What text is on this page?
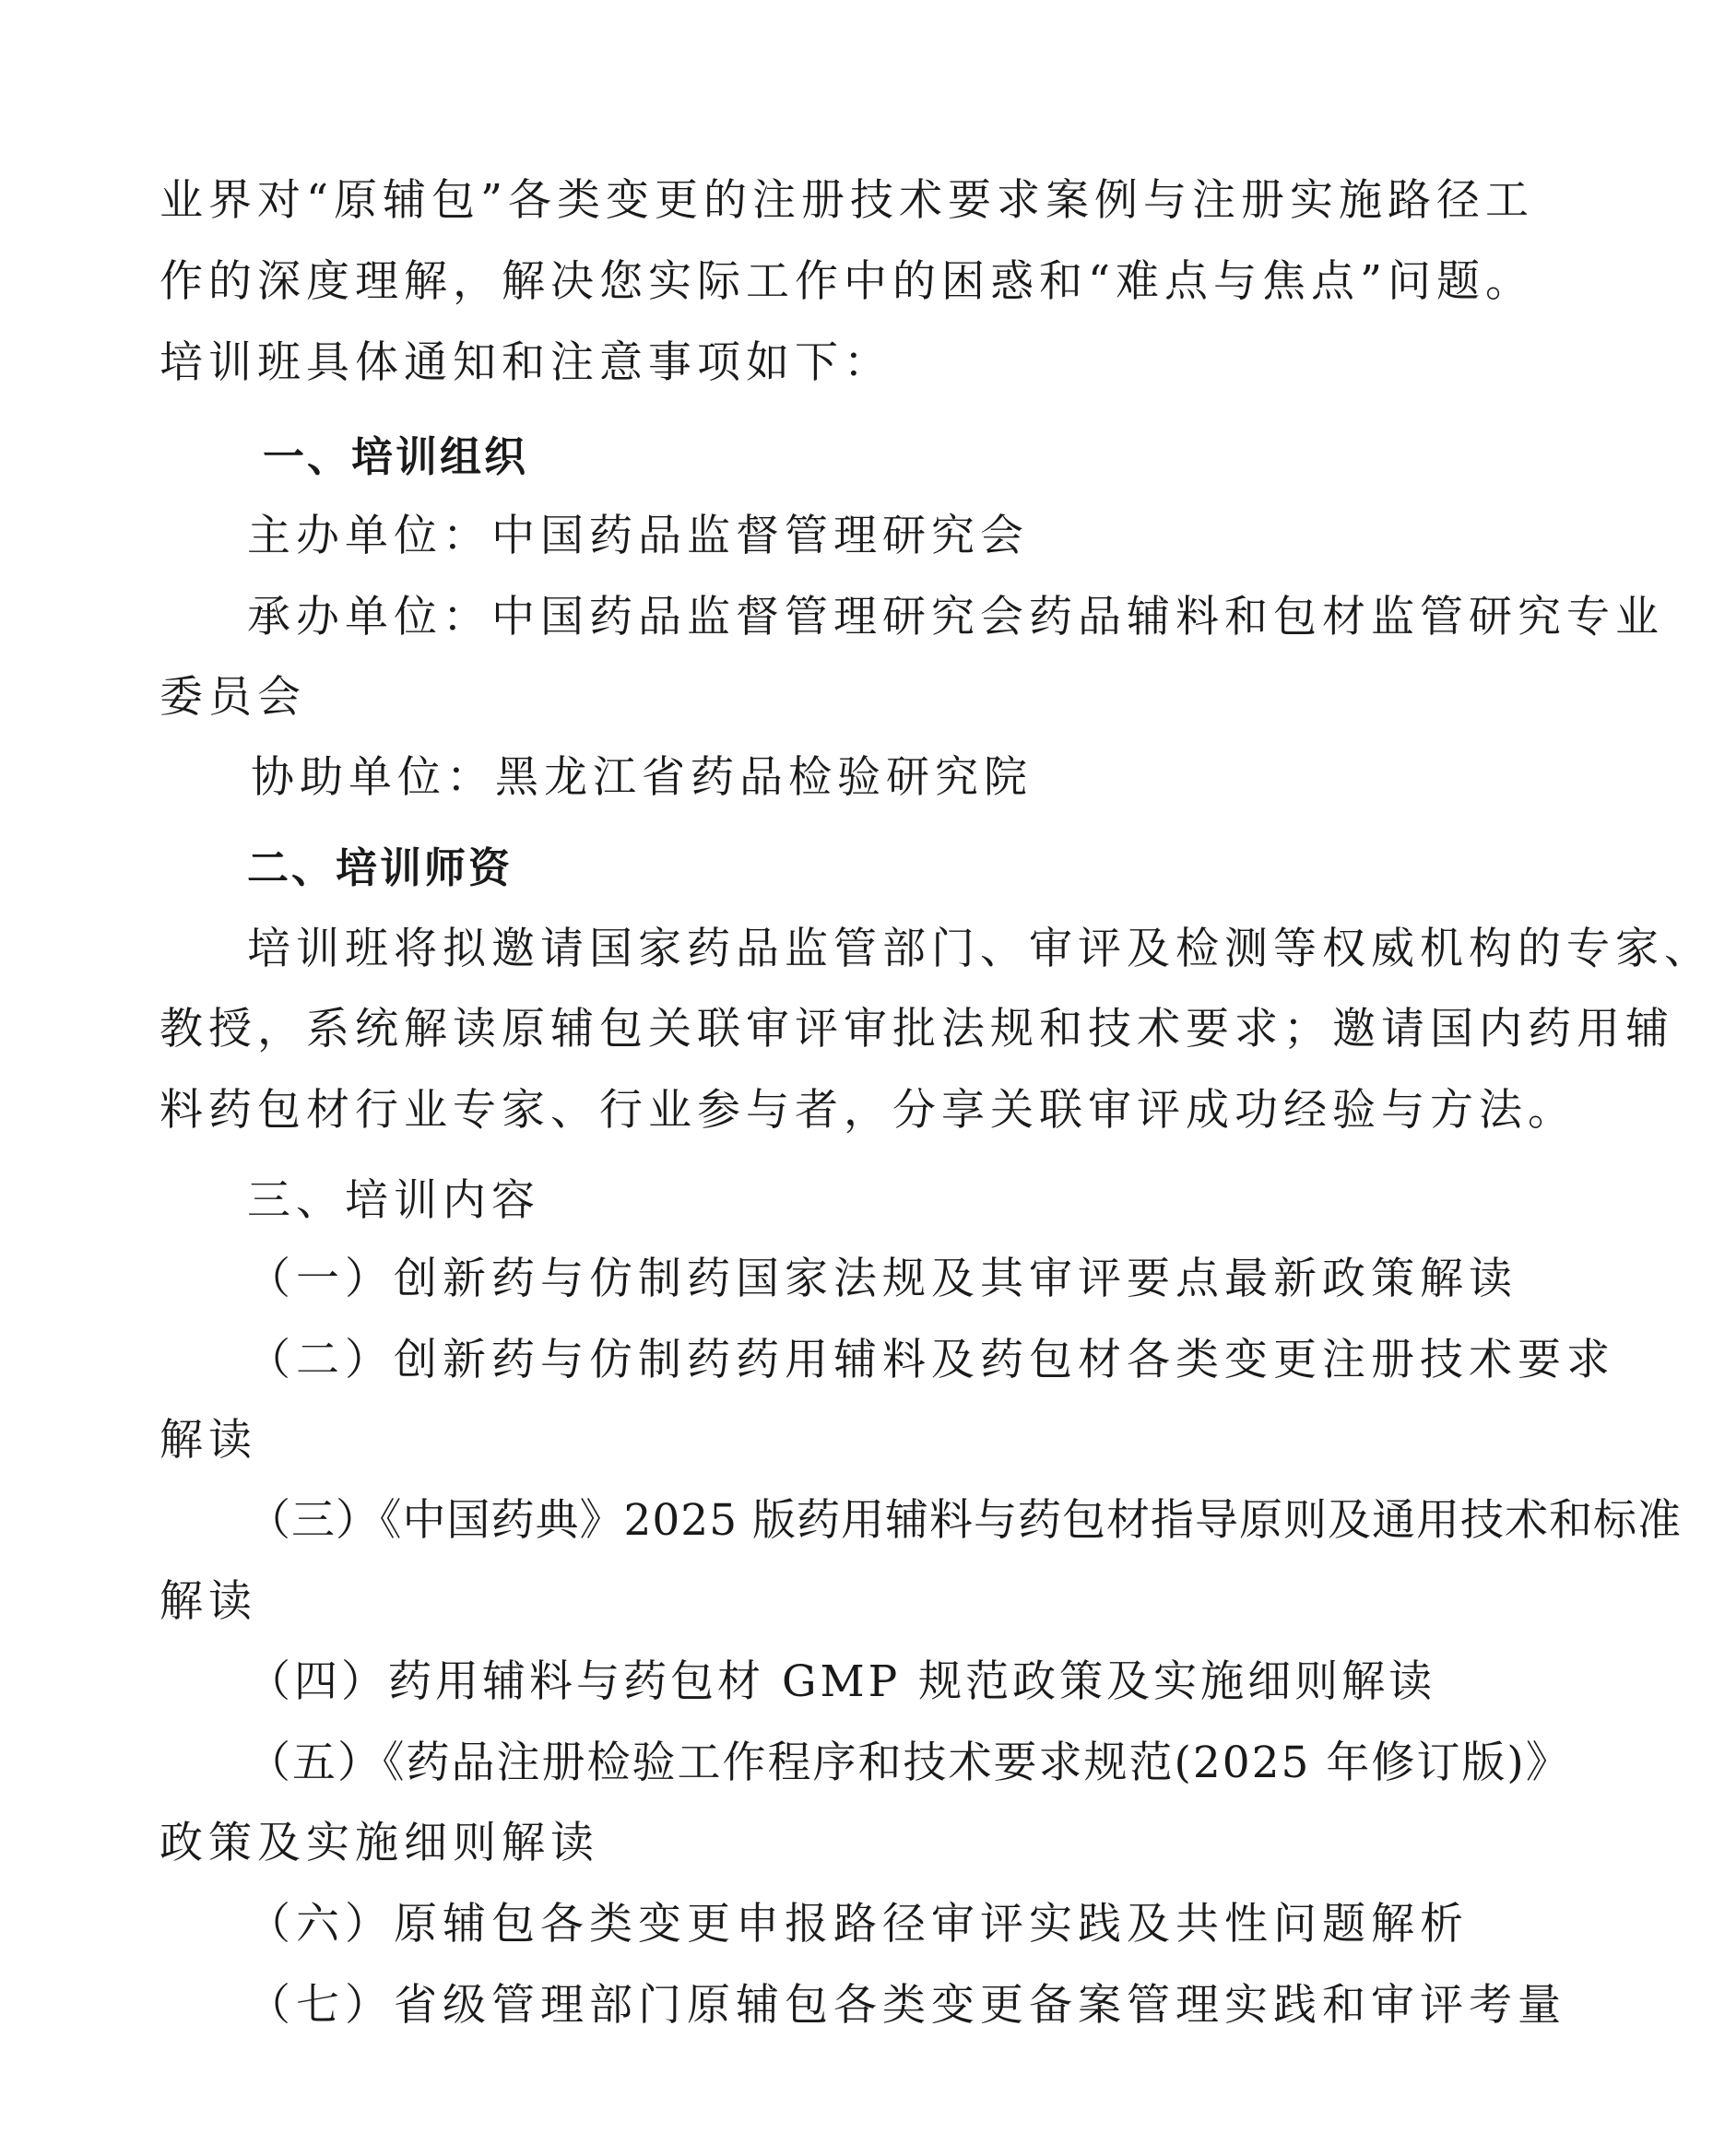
业界对“原辅包”各类变更的注册技术要求案例与注册实施路径工
作的深度理解，解决您实际工作中的困惑和“难点与焦点”问题。
培训班具体通知和注意事项如下：
一、培训组织
主办单位：中国药品监督管理研究会
承办单位：中国药品监督管理研究会药品辅料和包材监管研究专业
委员会
协助单位：黑龙江省药品检验研究院
二、培训师资
培训班将拟邀请国家药品监管部门、审评及检测等权威机构的专家、
教授，系统解读原辅包关联审评审批法规和技术要求；邀请国内药用辅
料药包材行业专家、行业参与者，分享关联审评成功经验与方法。
三、培训内容
（一）创新药与仿制药国家法规及其审评要点最新政策解读
（二）创新药与仿制药药用辅料及药包材各类变更注册技术要求
解读
（三）《中国药典》2025 版药用辅料与药包材指导原则及通用技术和标准
解读
（四）药用辅料与药包材 GMP 规范政策及实施细则解读
（五）《药品注册检验工作程序和技术要求规范(2025 年修订版)》
政策及实施细则解读
（六）原辅包各类变更申报路径审评实践及共性问题解析
（七）省级管理部门原辅包各类变更备案管理实践和审评考量
